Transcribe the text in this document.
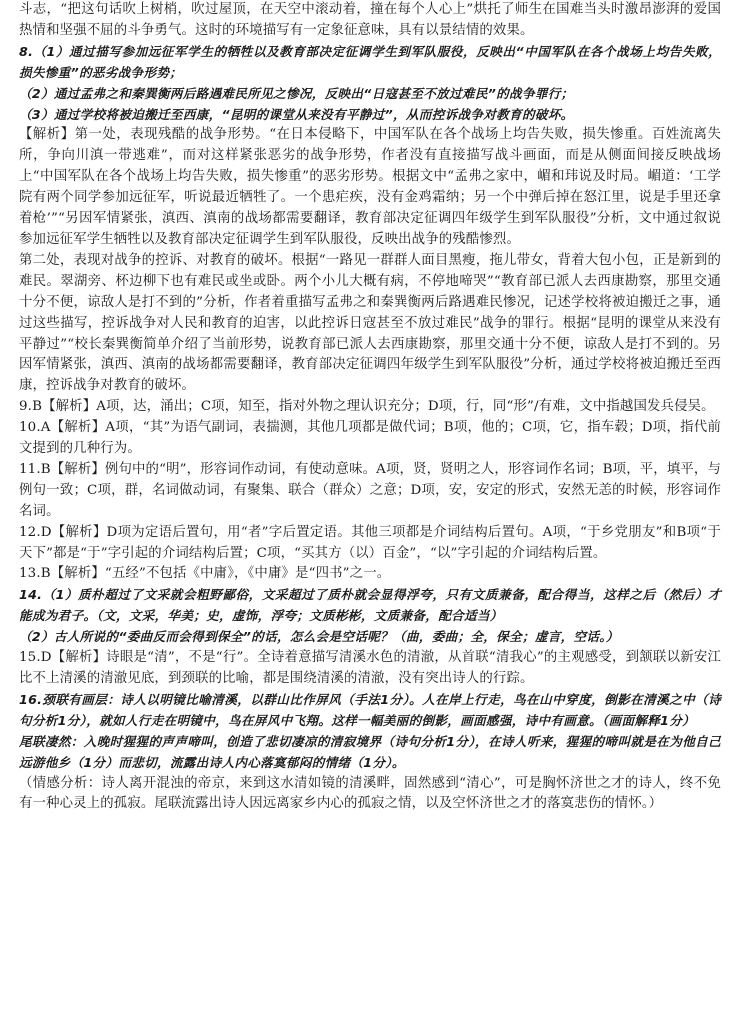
斗志，“把这句话吹上树梢，吹过屋顶，在天空中滚动着，撞在每个人心上”烘托了师生在国难当头时激昂澎湃的爱国热情和坚强不屈的斗争勇气。这时的环境描写有一定象征意味，具有以景结情的效果。

8.（1）通过描写参加远征军学生的牺牲以及教育部决定征调学生到军队服役，反映出“中国军队在各个战场上均告失败，损失惨重”的恶劣战争形势；

（2）通过孟弗之和秦巽衡两后路遇难民所见之惨况，反映出“日寇甚至不放过难民”的战争罪行；

（3）通过学校将被迫搬迁至西康，“昆明的课堂从来没有平静过”，从而控诉战争对教育的破坏。

【解析】第一处，表现残酷的战争形势。“在日本侵略下，中国军队在各个战场上均告失败，损失惨重。百姓流离失所，争向川滇一带逃难”，而对这样紧张恶劣的战争形势，作者没有直接描写战斗画面，而是从侧面间接反映战场上“中国军队在各个战场上均告失败，损失惨重”的恶劣形势。根据文中“孟弗之家中，嵋和玮说及时局。嵋道：‘工学院有两个同学参加远征军，听说最近牺牲了。一个患疟疾，没有金鸡霜纳；另一个中弹后掉在怒江里，说是手里还拿着枪’”“另因军情紧张，滇西、滇南的战场都需要翻译，教育部决定征调四年级学生到军队服役”分析，文中通过叙说参加远征军学生牺牲以及教育部决定征调学生到军队服役，反映出战争的残酷惨烈。

第二处，表现对战争的控诉、对教育的破坏。根据“一路见一群群人面目黑瘦，拖儿带女，背着大包小包，正是新到的难民。翠湖旁、杯边柳下也有难民或坐或卧。两个小儿大概有病，不停地啼哭”“教育部已派人去西康勘察，那里交通十分不便，谅敌人是打不到的”分析，作者着重描写孟弗之和秦巽衡两后路遇难民惨况，记述学校将被迫搬迁之事，通过这些描写，控诉战争对人民和教育的迫害，以此控诉日寇甚至不放过难民”战争的罪行。根据“昆明的课堂从来没有平静过”“校长秦巽衡简单介绍了当前形势，说教育部已派人去西康勘察，那里交通十分不便，谅敌人是打不到的。另因军情紧张，滇西、滇南的战场都需要翻译，教育部决定征调四年级学生到军队服役”分析，通过学校将被迫搬迁至西康，控诉战争对教育的破坏。

9.B【解析】A项，达，涌出；C项，知至，指对外物之理认识充分；D项，行，同“形”/有难，文中指越国发兵侵吴。

10.A【解析】A项，“其”为语气副词，表揣测，其他几项都是做代词；B项，他的；C项，它，指车毂；D项，指代前文提到的几种行为。

11.B【解析】例句中的“明”，形容词作动词，有使动意味。A项，贤，贤明之人，形容词作名词；B项，平，填平，与例句一致；C项，群，名词做动词，有聚集、联合（群众）之意；D项，安，安定的形式，安然无恙的时候，形容词作名词。

12.D【解析】D项为定语后置句，用“者”字后置定语。其他三项都是介词结构后置句。A项，“于乡党朋友”和B项“于天下”都是“于”字引起的介词结构后置；C项，“买其方（以）百金”，“以”字引起的介词结构后置。

13.B【解析】“五经”不包括《中庸》，《中庸》是“四书”之一。

14.（1）质朴超过了文采就会粗野鄙俗，文采超过了质朴就会显得浮夸，只有文质兼备，配合得当，这样之后（然后）才能成为君子。（文，文采，华美；史，虚饰，浮夸；文质彬彬，文质兼备，配合适当）

（2）古人所说的“委曲反而会得到保全”的话，怎么会是空话呢？（曲，委曲；全，保全；虚言，空话。）

15.D【解析】诗眼是“清”，不是“行”。全诗着意描写清溪水色的清澈，从首联“清我心”的主观感受，到颔联以新安江比不上清溪的清澈见底，到颈联的比喻，都是围绕清溪的清澈，没有突出诗人的行踪。

16.颈联有画层：诗人以明镜比喻清溪，以群山比作屏风（手法1分）。人在岸上行走，鸟在山中穿度，倒影在清溪之中（诗句分析1分），就如人行走在明镜中，鸟在屏风中飞翔。这样一幅美丽的倒影，画面感强，诗中有画意。（画面解释1分）

尾联凄然：入晚时猩猩的声声啼叫，创造了悲切凄凉的清寂境界（诗句分析1分），在诗人听来，猩猩的啼叫就是在为他自己远游他乡（1分）而悲切，流露出诗人内心落寞郁闷的情绪（1分）。

（情感分析：诗人离开混浊的帝京，来到这水清如镜的清溪畔，固然感到“清心”，可是胸怀济世之才的诗人，终不免有一种心灵上的孤寂。尾联流露出诗人因远离家乡内心的孤寂之情，以及空怀济世之才的落寞悲伤的情怀。）
